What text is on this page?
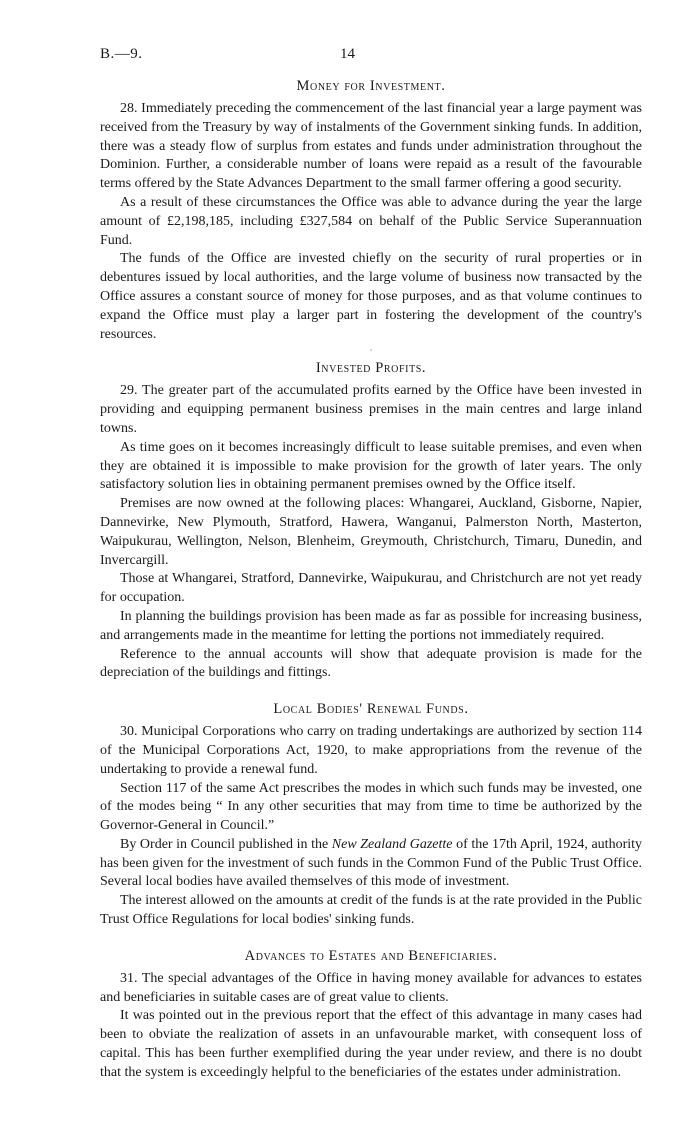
B.—9.	14
Money for Investment.

28. Immediately preceding the commencement of the last financial year a large payment was received from the Treasury by way of instalments of the Government sinking funds. In addition, there was a steady flow of surplus from estates and funds under administration throughout the Dominion. Further, a considerable number of loans were repaid as a result of the favourable terms offered by the State Advances Department to the small farmer offering a good security.

As a result of these circumstances the Office was able to advance during the year the large amount of £2,198,185, including £327,584 on behalf of the Public Service Superannuation Fund.

The funds of the Office are invested chiefly on the security of rural properties or in debentures issued by local authorities, and the large volume of business now transacted by the Office assures a constant source of money for those purposes, and as that volume continues to expand the Office must play a larger part in fostering the development of the country's resources.

·
Invested Profits.

29. The greater part of the accumulated profits earned by the Office have been invested in providing and equipping permanent business premises in the main centres and large inland towns.

As time goes on it becomes increasingly difficult to lease suitable premises, and even when they are obtained it is impossible to make provision for the growth of later years. The only satisfactory solution lies in obtaining permanent premises owned by the Office itself.

Premises are now owned at the following places: Whangarei, Auckland, Gisborne, Napier, Dannevirke, New Plymouth, Stratford, Hawera, Wanganui, Palmerston North, Masterton, Waipukurau, Wellington, Nelson, Blenheim, Greymouth, Christchurch, Timaru, Dunedin, and Invercargill.

Those at Whangarei, Stratford, Dannevirke, Waipukurau, and Christchurch are not yet ready for occupation.

In planning the buildings provision has been made as far as possible for increasing business, and arrangements made in the meantime for letting the portions not immediately required.

Reference to the annual accounts will show that adequate provision is made for the depreciation of the buildings and fittings.

Local Bodies' Renewal Funds.

30. Municipal Corporations who carry on trading undertakings are authorized by section 114 of the Municipal Corporations Act, 1920, to make appropriations from the revenue of the undertaking to provide a renewal fund.

Section 117 of the same Act prescribes the modes in which such funds may be invested, one of the modes being “ In any other securities that may from time to time be authorized by the Governor-General in Council.”

By Order in Council published in the New Zealand Gazette of the 17th April, 1924, authority has been given for the investment of such funds in the Common Fund of the Public Trust Office. Several local bodies have availed themselves of this mode of investment.

The interest allowed on the amounts at credit of the funds is at the rate provided in the Public Trust Office Regulations for local bodies' sinking funds.

Advances to Estates and Beneficiaries.

31. The special advantages of the Office in having money available for advances to estates and beneficiaries in suitable cases are of great value to clients.

It was pointed out in the previous report that the effect of this advantage in many cases had been to obviate the realization of assets in an unfavourable market, with consequent loss of capital. This has been further exemplified during the year under review, and there is no doubt that the system is exceedingly helpful to the beneficiaries of the estates under administration.
